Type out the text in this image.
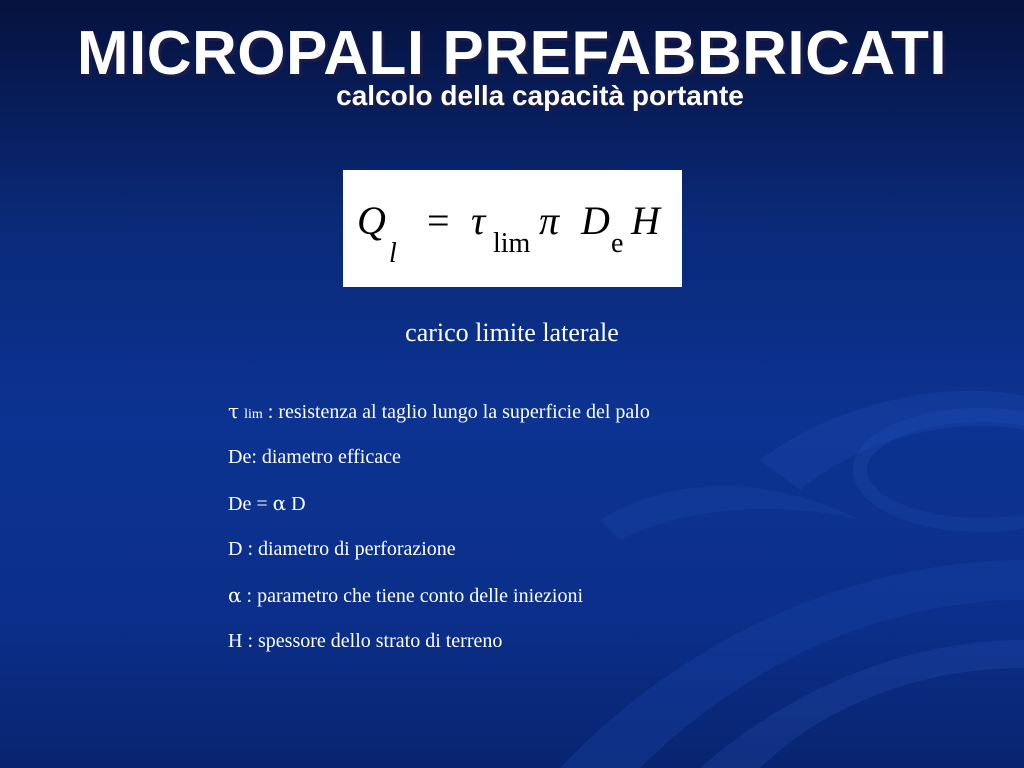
MICROPALI PREFABBRICATI
calcolo della capacità portante
Q
l
= τ
lim
π D
e
H
carico limite laterale
τ lim : resistenza al taglio lungo la superficie del palo
De: diametro efficace
De = α D
D : diametro di perforazione
α : parametro che tiene conto delle iniezioni
H : spessore dello strato di terreno
